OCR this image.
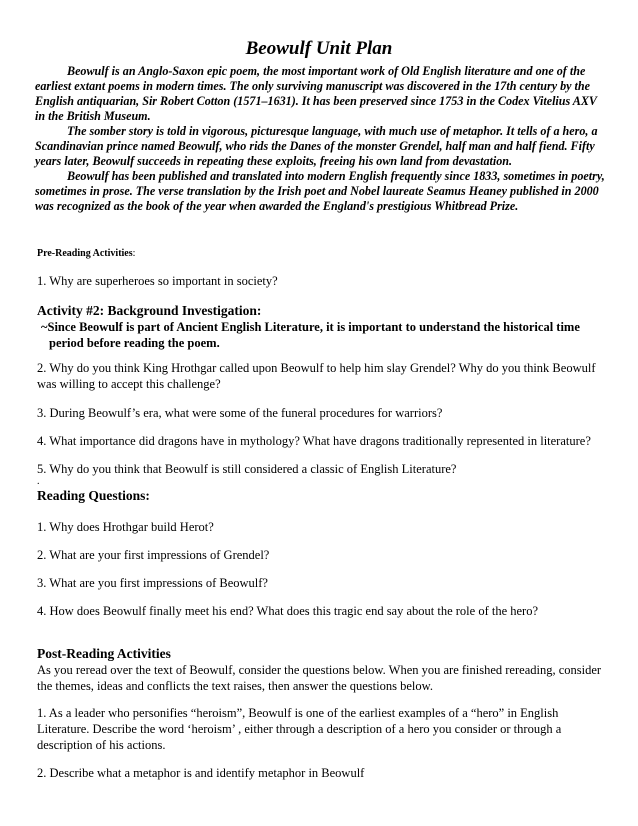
Beowulf Unit Plan

Beowulf is an Anglo-Saxon epic poem, the most important work of Old English literature and one of the earliest extant poems in modern times. The only surviving manuscript was discovered in the 17th century by the English antiquarian, Sir Robert Cotton (1571–1631). It has been preserved since 1753 in the Codex Vitelius AXV in the British Museum.

The somber story is told in vigorous, picturesque language, with much use of metaphor. It tells of a hero, a Scandinavian prince named Beowulf, who rids the Danes of the monster Grendel, half man and half fiend. Fifty years later, Beowulf succeeds in repeating these exploits, freeing his own land from devastation.

Beowulf has been published and translated into modern English frequently since 1833, sometimes in poetry, sometimes in prose. The verse translation by the Irish poet and Nobel laureate Seamus Heaney published in 2000 was recognized as the book of the year when awarded the England's prestigious Whitbread Prize.

Pre-Reading Activities:
1. Why are superheroes so important in society?
Activity #2: Background Investigation:
~Since Beowulf is part of Ancient English Literature, it is important to understand the historical time
period before reading the poem.
2. Why do you think King Hrothgar called upon Beowulf to help him slay Grendel? Why do you think Beowulf was willing to accept this challenge?
3. During Beowulf’s era, what were some of the funeral procedures for warriors?
4. What importance did dragons have in mythology? What have dragons traditionally represented in literature?
5. Why do you think that Beowulf is still considered a classic of English Literature?
.
Reading Questions:
1. Why does Hrothgar build Herot?
2. What are your first impressions of Grendel?
3. What are you first impressions of Beowulf?
4. How does Beowulf finally meet his end? What does this tragic end say about the role of the hero?
Post-Reading Activities
As you reread over the text of Beowulf, consider the questions below. When you are finished rereading, consider the themes, ideas and conflicts the text raises, then answer the questions below.
1. As a leader who personifies “heroism”, Beowulf is one of the earliest examples of a “hero” in English Literature. Describe the word ‘heroism’ , either through a description of a hero you consider or through a description of his actions.
2. Describe what a metaphor is and identify metaphor in Beowulf
